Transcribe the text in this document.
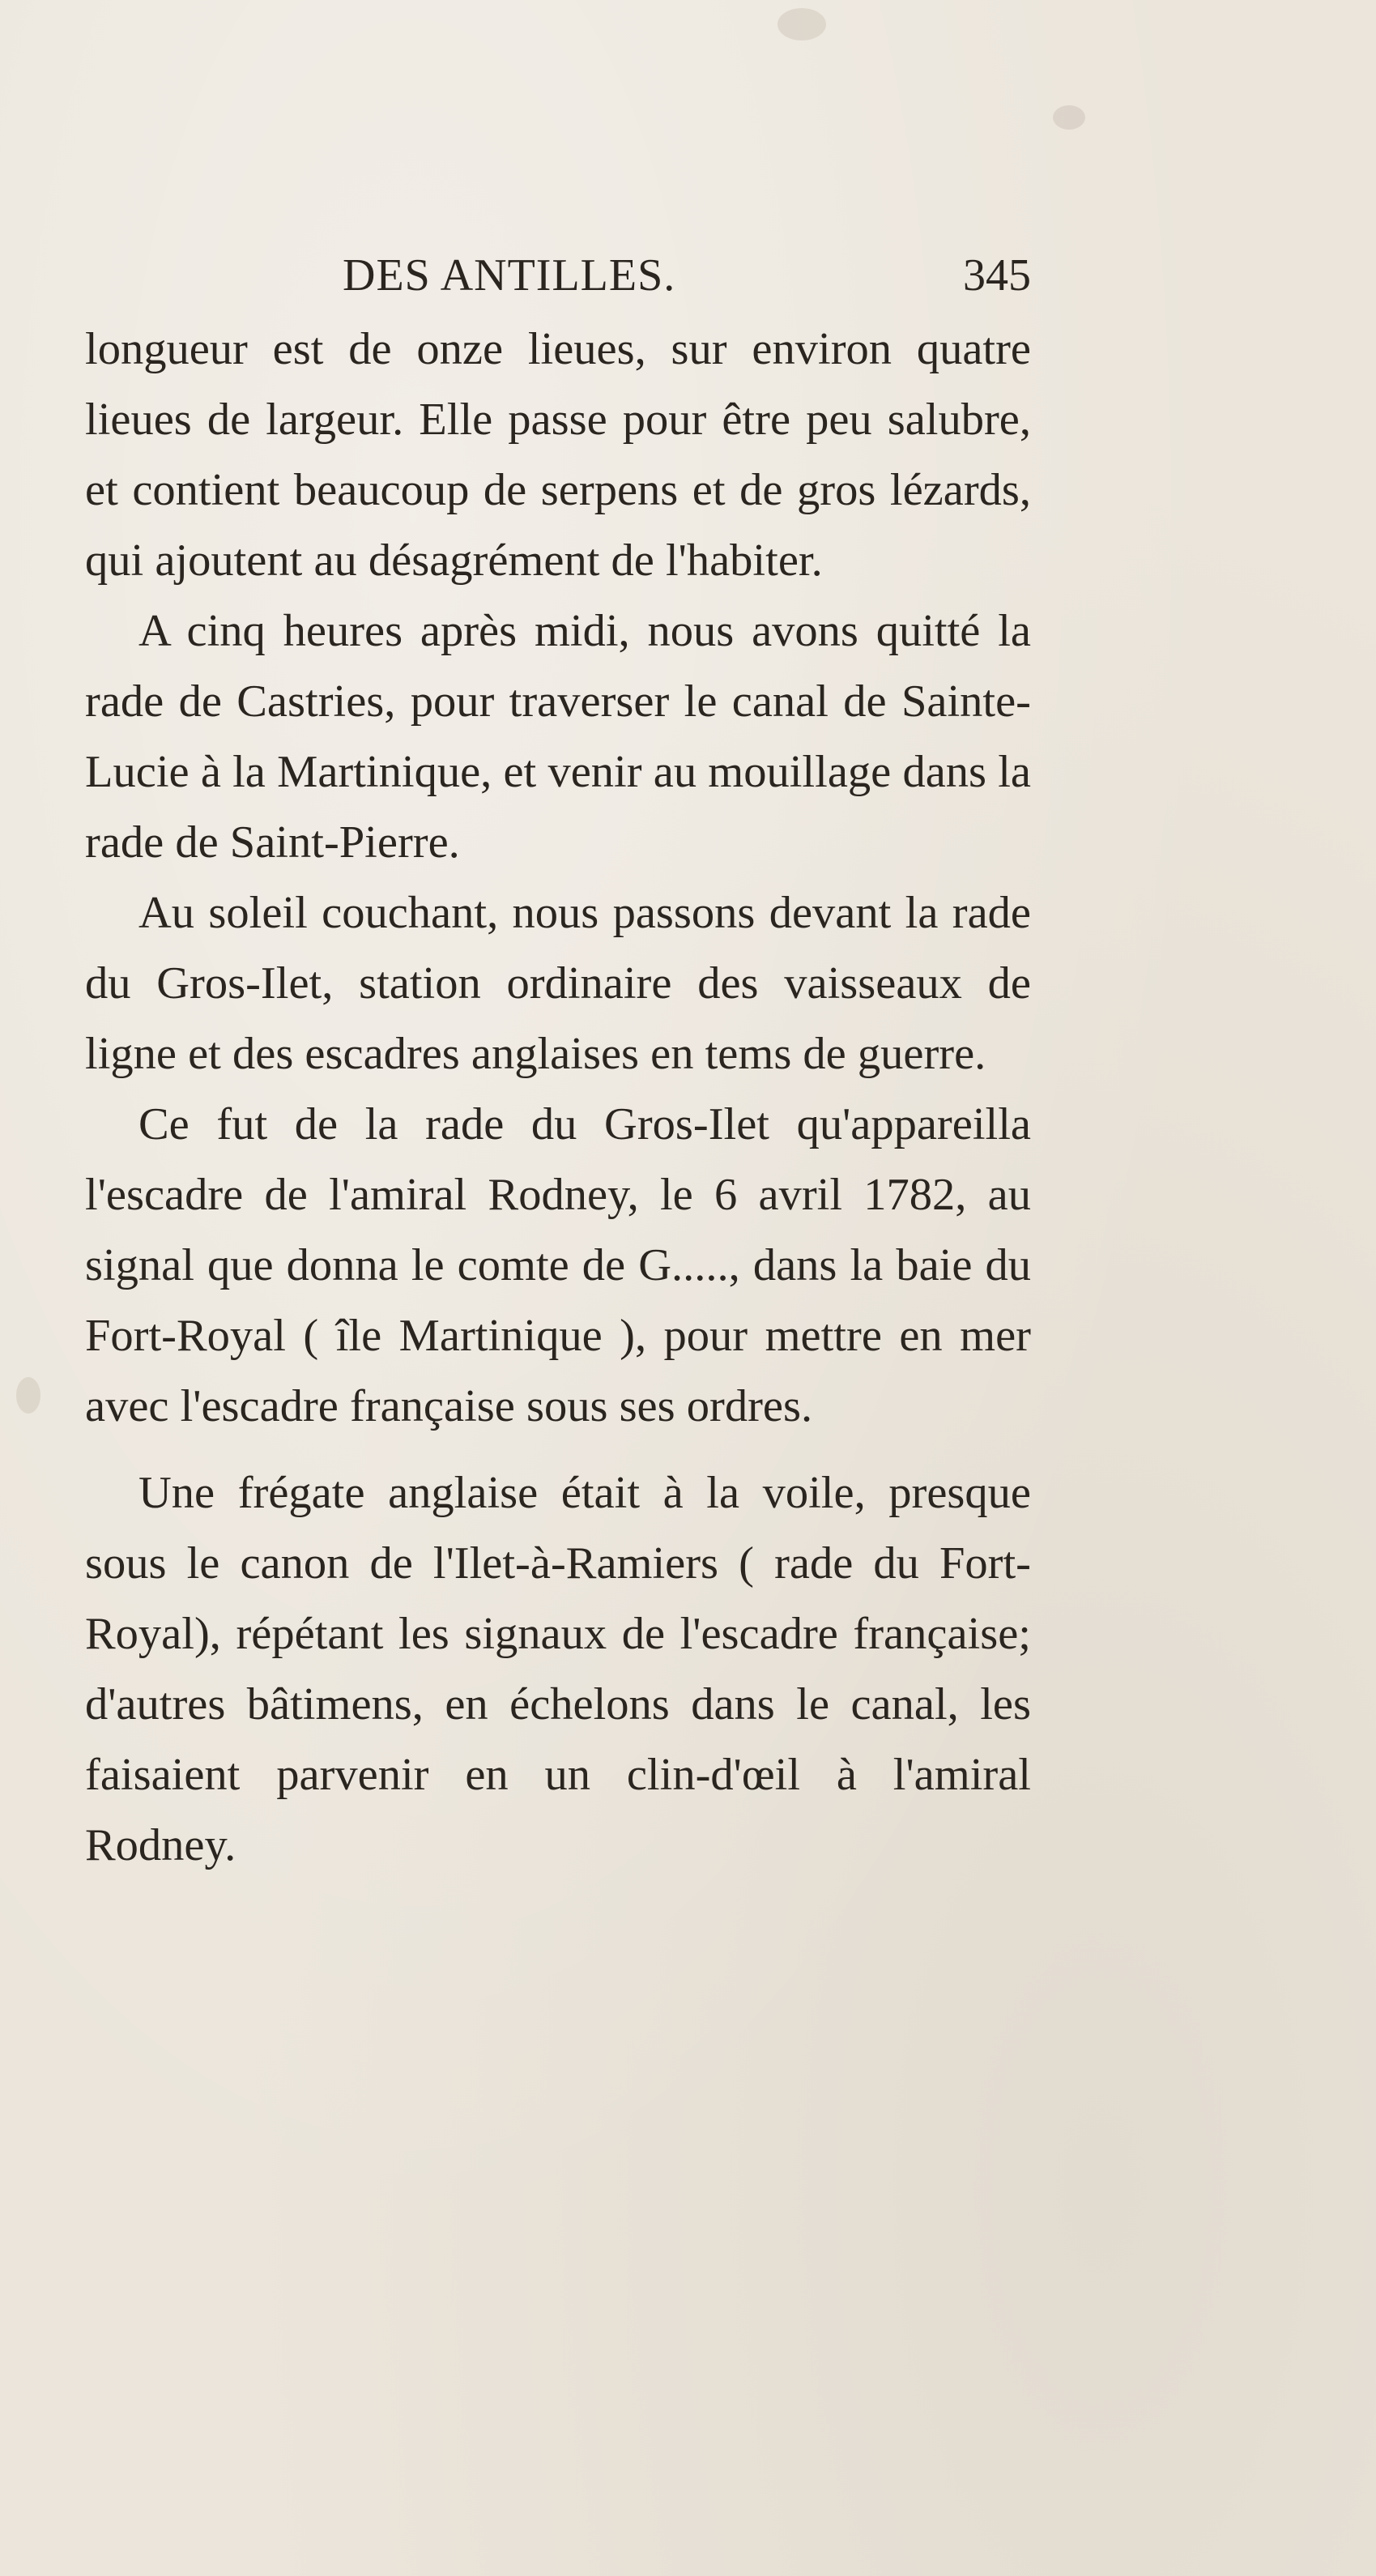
DES ANTILLES.	345

longueur est de onze lieues, sur environ quatre lieues de largeur. Elle passe pour être peu salubre, et contient beaucoup de serpens et de gros lézards, qui ajoutent au désagrément de l'habiter.

A cinq heures après midi, nous avons quitté la rade de Castries, pour traverser le canal de Sainte-Lucie à la Martinique, et venir au mouillage dans la rade de Saint-Pierre.

Au soleil couchant, nous passons devant la rade du Gros-Ilet, station ordinaire des vaisseaux de ligne et des escadres anglaises en tems de guerre.

Ce fut de la rade du Gros-Ilet qu'appareilla l'escadre de l'amiral Rodney, le 6 avril 1782, au signal que donna le comte de G....., dans la baie du Fort-Royal ( île Martinique ), pour mettre en mer avec l'escadre française sous ses ordres.

Une frégate anglaise était à la voile, presque sous le canon de l'Ilet-à-Ramiers ( rade du Fort-Royal), répétant les signaux de l'escadre française; d'autres bâtimens, en échelons dans le canal, les faisaient parvenir en un clin-d'œil à l'amiral Rodney.
